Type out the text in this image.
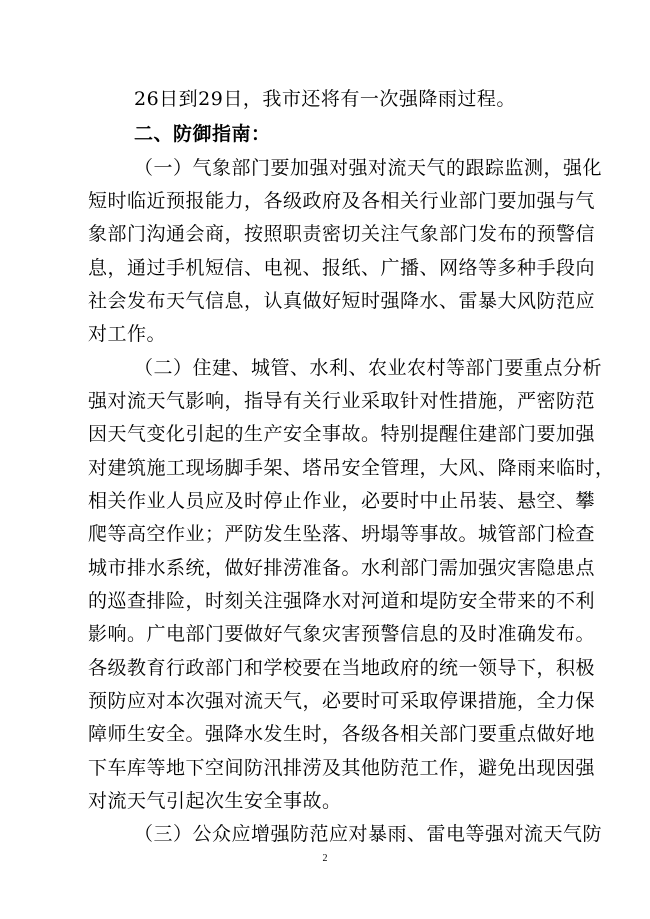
26日到29日，我市还将有一次强降雨过程。
二、防御指南：
（一）气象部门要加强对强对流天气的跟踪监测，强化
短时临近预报能力，各级政府及各相关行业部门要加强与气
象部门沟通会商，按照职责密切关注气象部门发布的预警信
息，通过手机短信、电视、报纸、广播、网络等多种手段向
社会发布天气信息，认真做好短时强降水、雷暴大风防范应
对工作。
（二）住建、城管、水利、农业农村等部门要重点分析
强对流天气影响，指导有关行业采取针对性措施，严密防范
因天气变化引起的生产安全事故。特别提醒住建部门要加强
对建筑施工现场脚手架、塔吊安全管理，大风、降雨来临时，
相关作业人员应及时停止作业，必要时中止吊装、悬空、攀
爬等高空作业；严防发生坠落、坍塌等事故。城管部门检查
城市排水系统，做好排涝准备。水利部门需加强灾害隐患点
的巡查排险，时刻关注强降水对河道和堤防安全带来的不利
影响。广电部门要做好气象灾害预警信息的及时准确发布。
各级教育行政部门和学校要在当地政府的统一领导下，积极
预防应对本次强对流天气，必要时可采取停课措施，全力保
障师生安全。强降水发生时，各级各相关部门要重点做好地
下车库等地下空间防汛排涝及其他防范工作，避免出现因强
对流天气引起次生安全事故。
（三）公众应增强防范应对暴雨、雷电等强对流天气防
2
